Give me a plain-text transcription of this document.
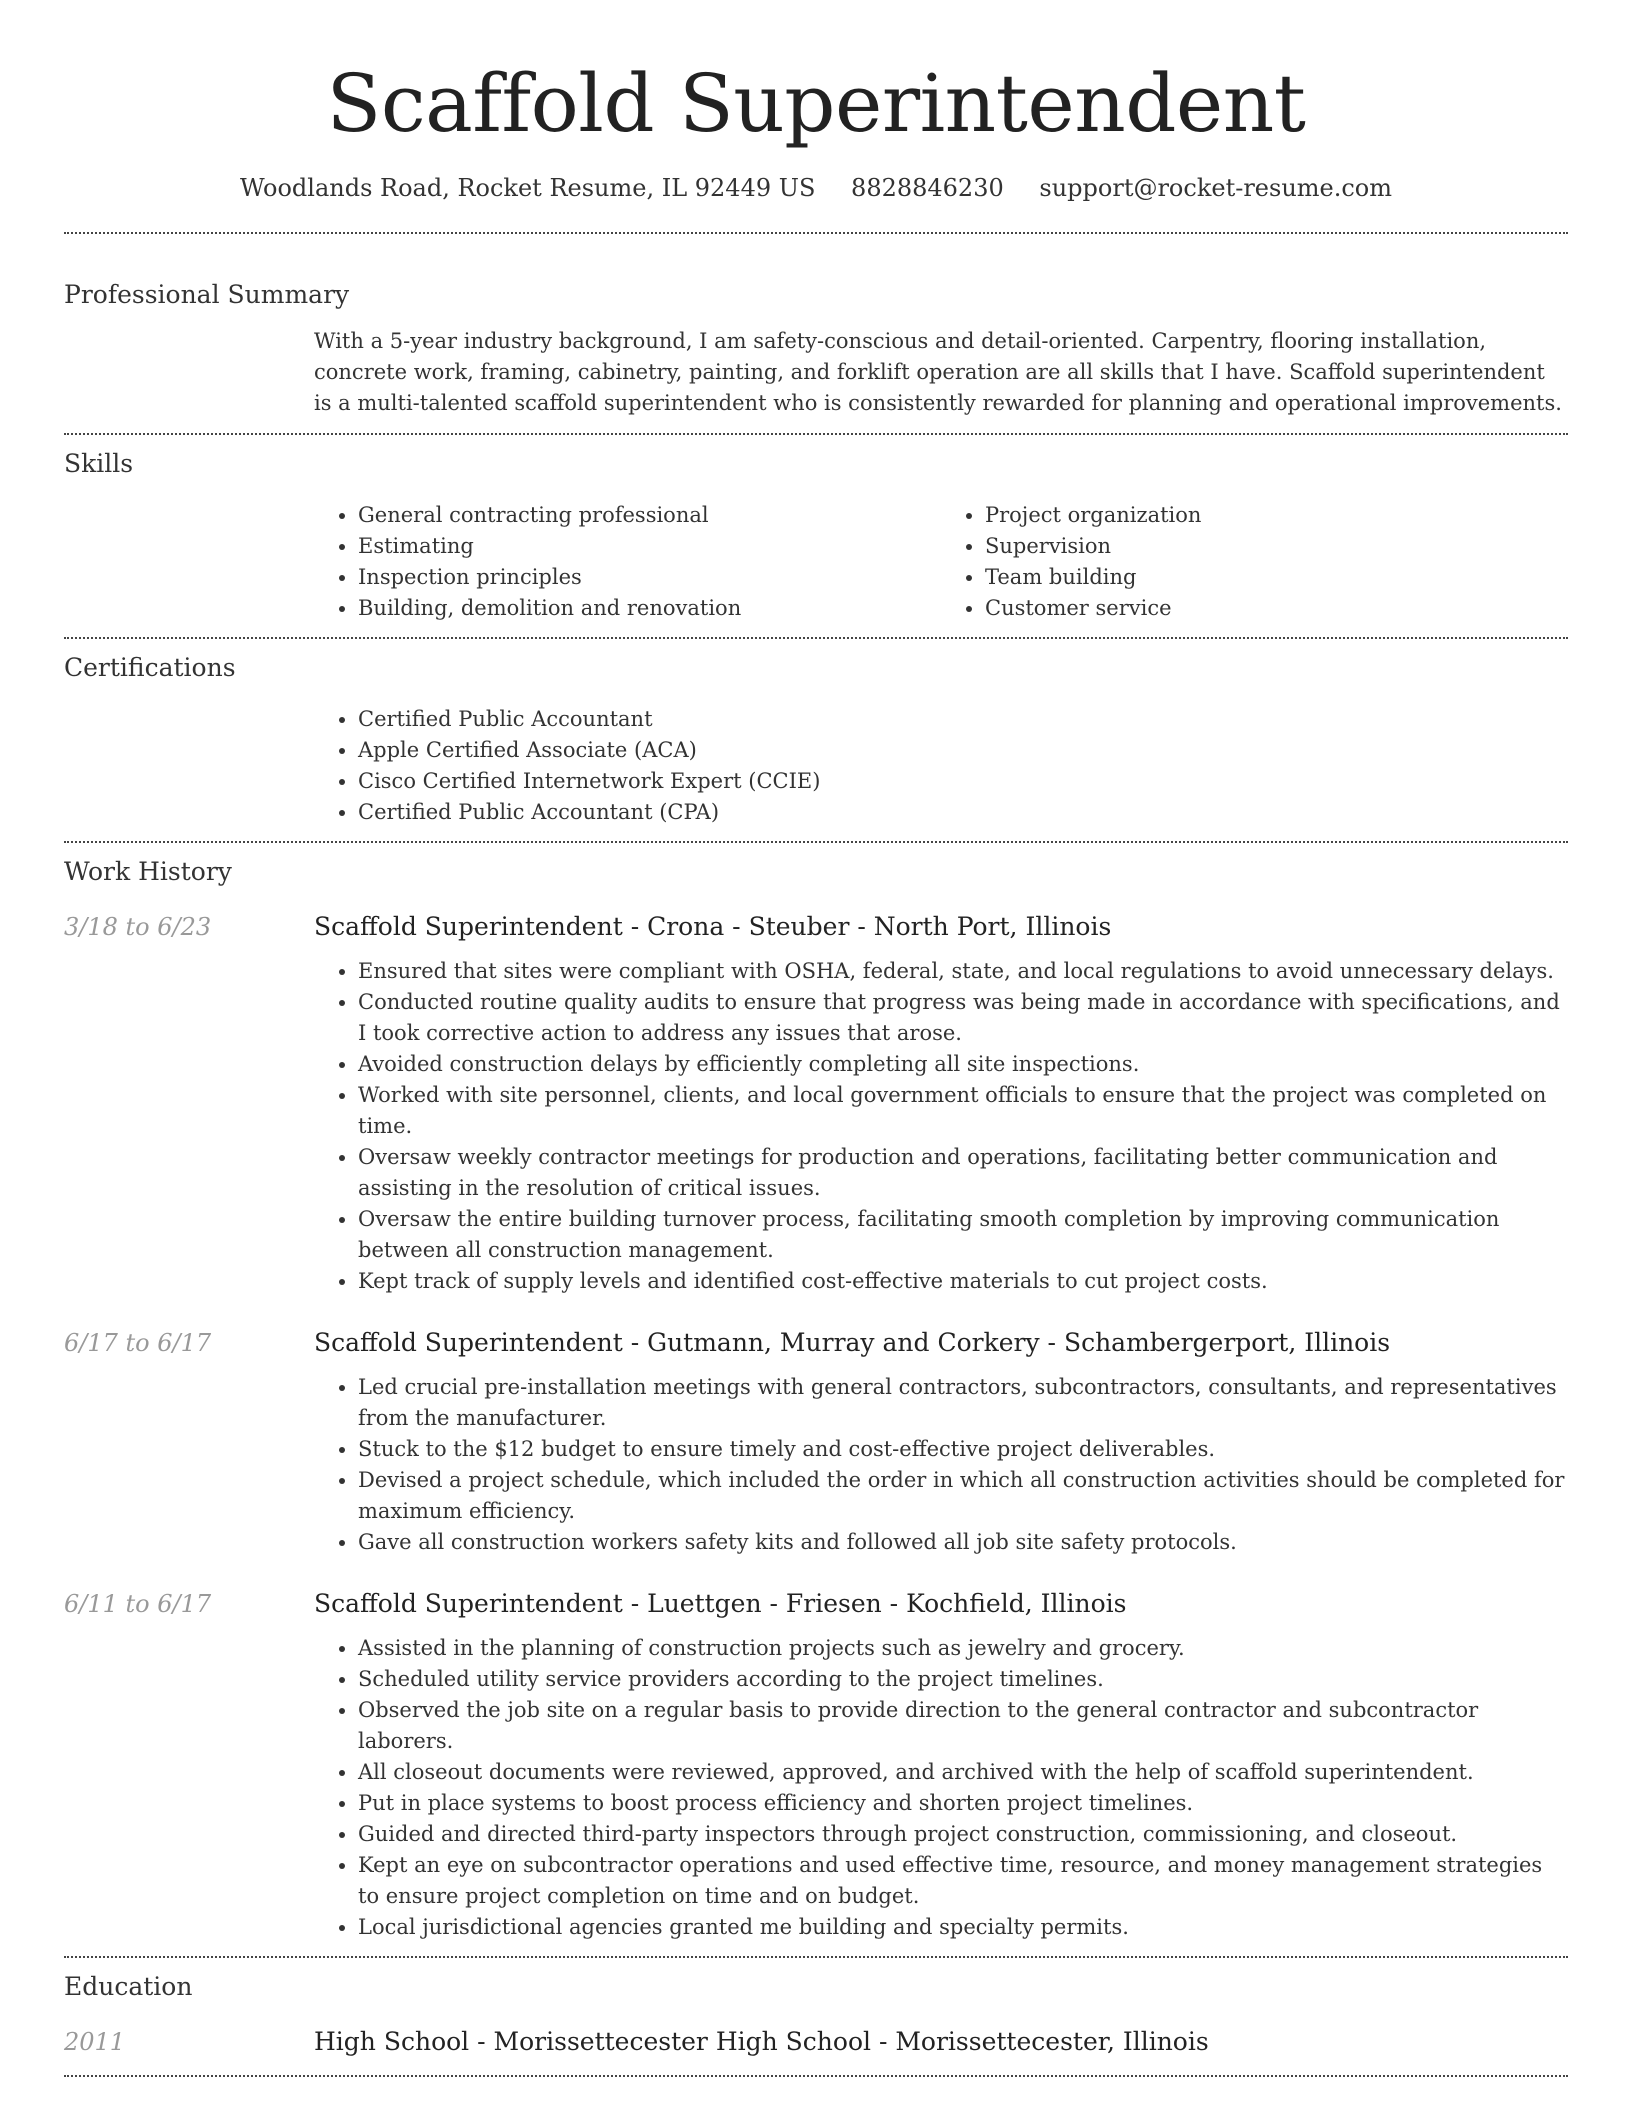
Scaffold Superintendent
Woodlands Road, Rocket Resume, IL 92449 US 8828846230 support@rocket-resume.com
Professional Summary

With a 5-year industry background, I am safety-conscious and detail-oriented. Carpentry, flooring installation, concrete work, framing, cabinetry, painting, and forklift operation are all skills that I have. Scaffold superintendent is a multi-talented scaffold superintendent who is consistently rewarded for planning and operational improvements.

Skills
• General contracting professional
• Estimating
• Inspection principles
• Building, demolition and renovation
• Project organization
• Supervision
• Team building
• Customer service
Certifications
• Certified Public Accountant
• Apple Certified Associate (ACA)
• Cisco Certified Internetwork Expert (CCIE)
• Certified Public Accountant (CPA)
Work History
3/18 to 6/23	Scaffold Superintendent - Crona - Steuber - North Port, Illinois
• Ensured that sites were compliant with OSHA, federal, state, and local regulations to avoid unnecessary delays.
• Conducted routine quality audits to ensure that progress was being made in accordance with specifications, and I took corrective action to address any issues that arose.
• Avoided construction delays by efficiently completing all site inspections.
• Worked with site personnel, clients, and local government officials to ensure that the project was completed on time.
• Oversaw weekly contractor meetings for production and operations, facilitating better communication and assisting in the resolution of critical issues.
• Oversaw the entire building turnover process, facilitating smooth completion by improving communication between all construction management.
• Kept track of supply levels and identified cost-effective materials to cut project costs.
6/17 to 6/17	Scaffold Superintendent - Gutmann, Murray and Corkery - Schambergerport, Illinois
• Led crucial pre-installation meetings with general contractors, subcontractors, consultants, and representatives from the manufacturer.
• Stuck to the $12 budget to ensure timely and cost-effective project deliverables.
• Devised a project schedule, which included the order in which all construction activities should be completed for maximum efficiency.
• Gave all construction workers safety kits and followed all job site safety protocols.
6/11 to 6/17	Scaffold Superintendent - Luettgen - Friesen - Kochfield, Illinois
• Assisted in the planning of construction projects such as jewelry and grocery.
• Scheduled utility service providers according to the project timelines.
• Observed the job site on a regular basis to provide direction to the general contractor and subcontractor laborers.
• All closeout documents were reviewed, approved, and archived with the help of scaffold superintendent.
• Put in place systems to boost process efficiency and shorten project timelines.
• Guided and directed third-party inspectors through project construction, commissioning, and closeout.
• Kept an eye on subcontractor operations and used effective time, resource, and money management strategies to ensure project completion on time and on budget.
• Local jurisdictional agencies granted me building and specialty permits.
Education
2011	High School - Morissettecester High School - Morissettecester, Illinois
